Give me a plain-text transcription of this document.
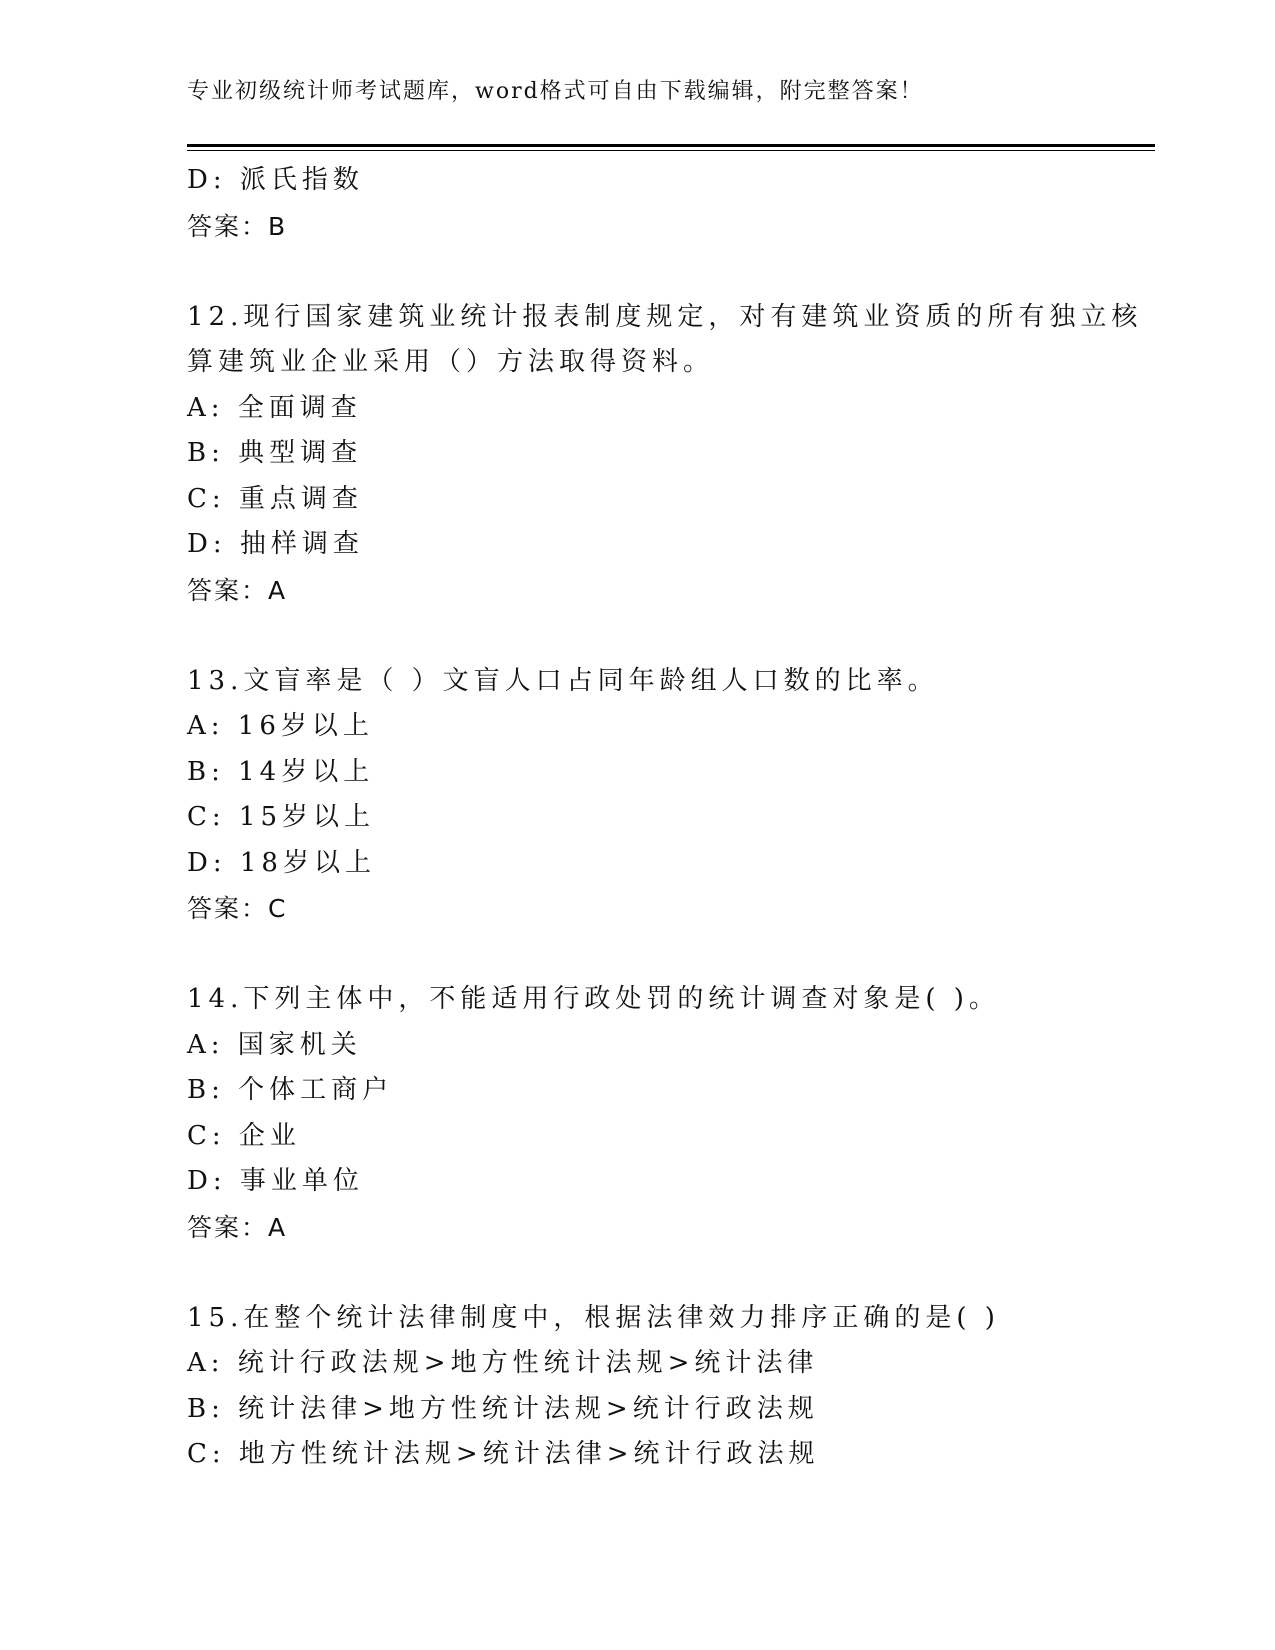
专业初级统计师考试题库，word格式可自由下载编辑，附完整答案！
D: 派氏指数
答案：B
12.现行国家建筑业统计报表制度规定，对有建筑业资质的所有独立核
算建筑业企业采用（）方法取得资料。
A: 全面调查
B: 典型调查
C: 重点调查
D: 抽样调查
答案：A
13.文盲率是（ ）文盲人口占同年龄组人口数的比率。
A: 16岁以上
B: 14岁以上
C: 15岁以上
D: 18岁以上
答案：C
14.下列主体中，不能适用行政处罚的统计调查对象是( )。
A: 国家机关
B: 个体工商户
C: 企业
D: 事业单位
答案：A
15.在整个统计法律制度中，根据法律效力排序正确的是( )
A: 统计行政法规>地方性统计法规>统计法律
B: 统计法律>地方性统计法规>统计行政法规
C: 地方性统计法规>统计法律>统计行政法规
